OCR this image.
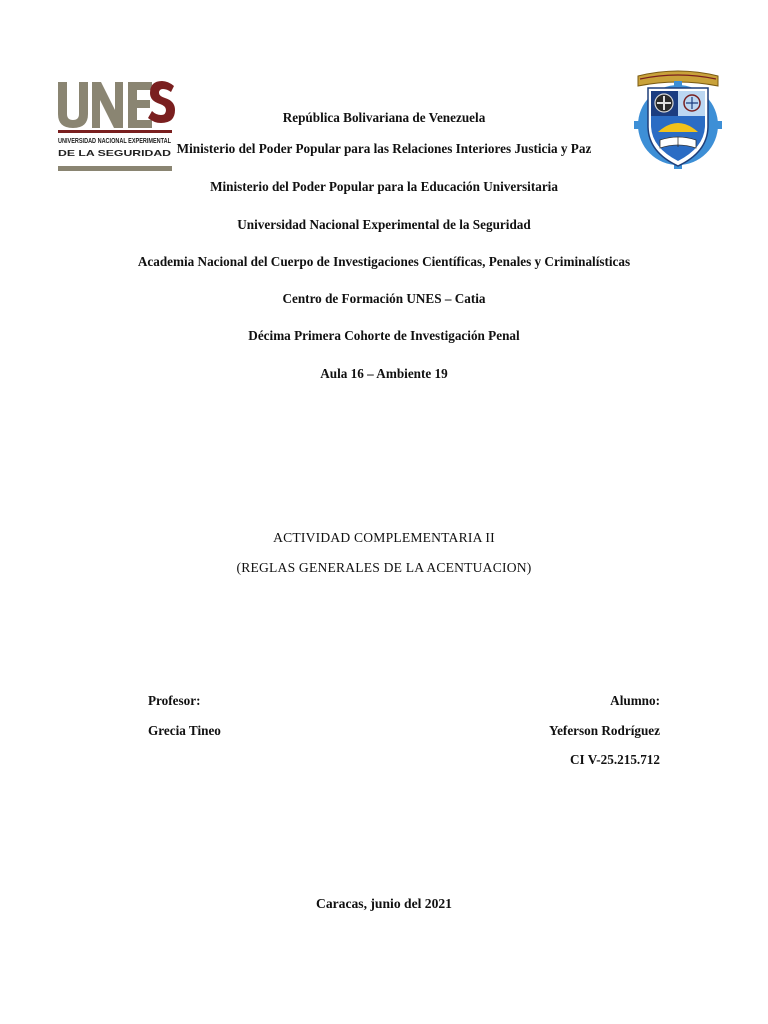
UNIVERSIDAD NACIONAL EXPERIMENTAL
DE LA SEGURIDAD
República Bolivariana de Venezuela
Ministerio del Poder Popular para las Relaciones Interiores Justicia y Paz
Ministerio del Poder Popular para la Educación Universitaria
Universidad Nacional Experimental de la Seguridad
Academia Nacional del Cuerpo de Investigaciones Científicas, Penales y Criminalísticas
Centro de Formación UNES – Catia
Décima Primera Cohorte de Investigación Penal
Aula 16 – Ambiente 19
ACTIVIDAD COMPLEMENTARIA II
(REGLAS GENERALES DE LA ACENTUACION)
Profesor:
Grecia Tineo
Alumno:
Yeferson Rodríguez
CI V-25.215.712
Caracas, junio del 2021
